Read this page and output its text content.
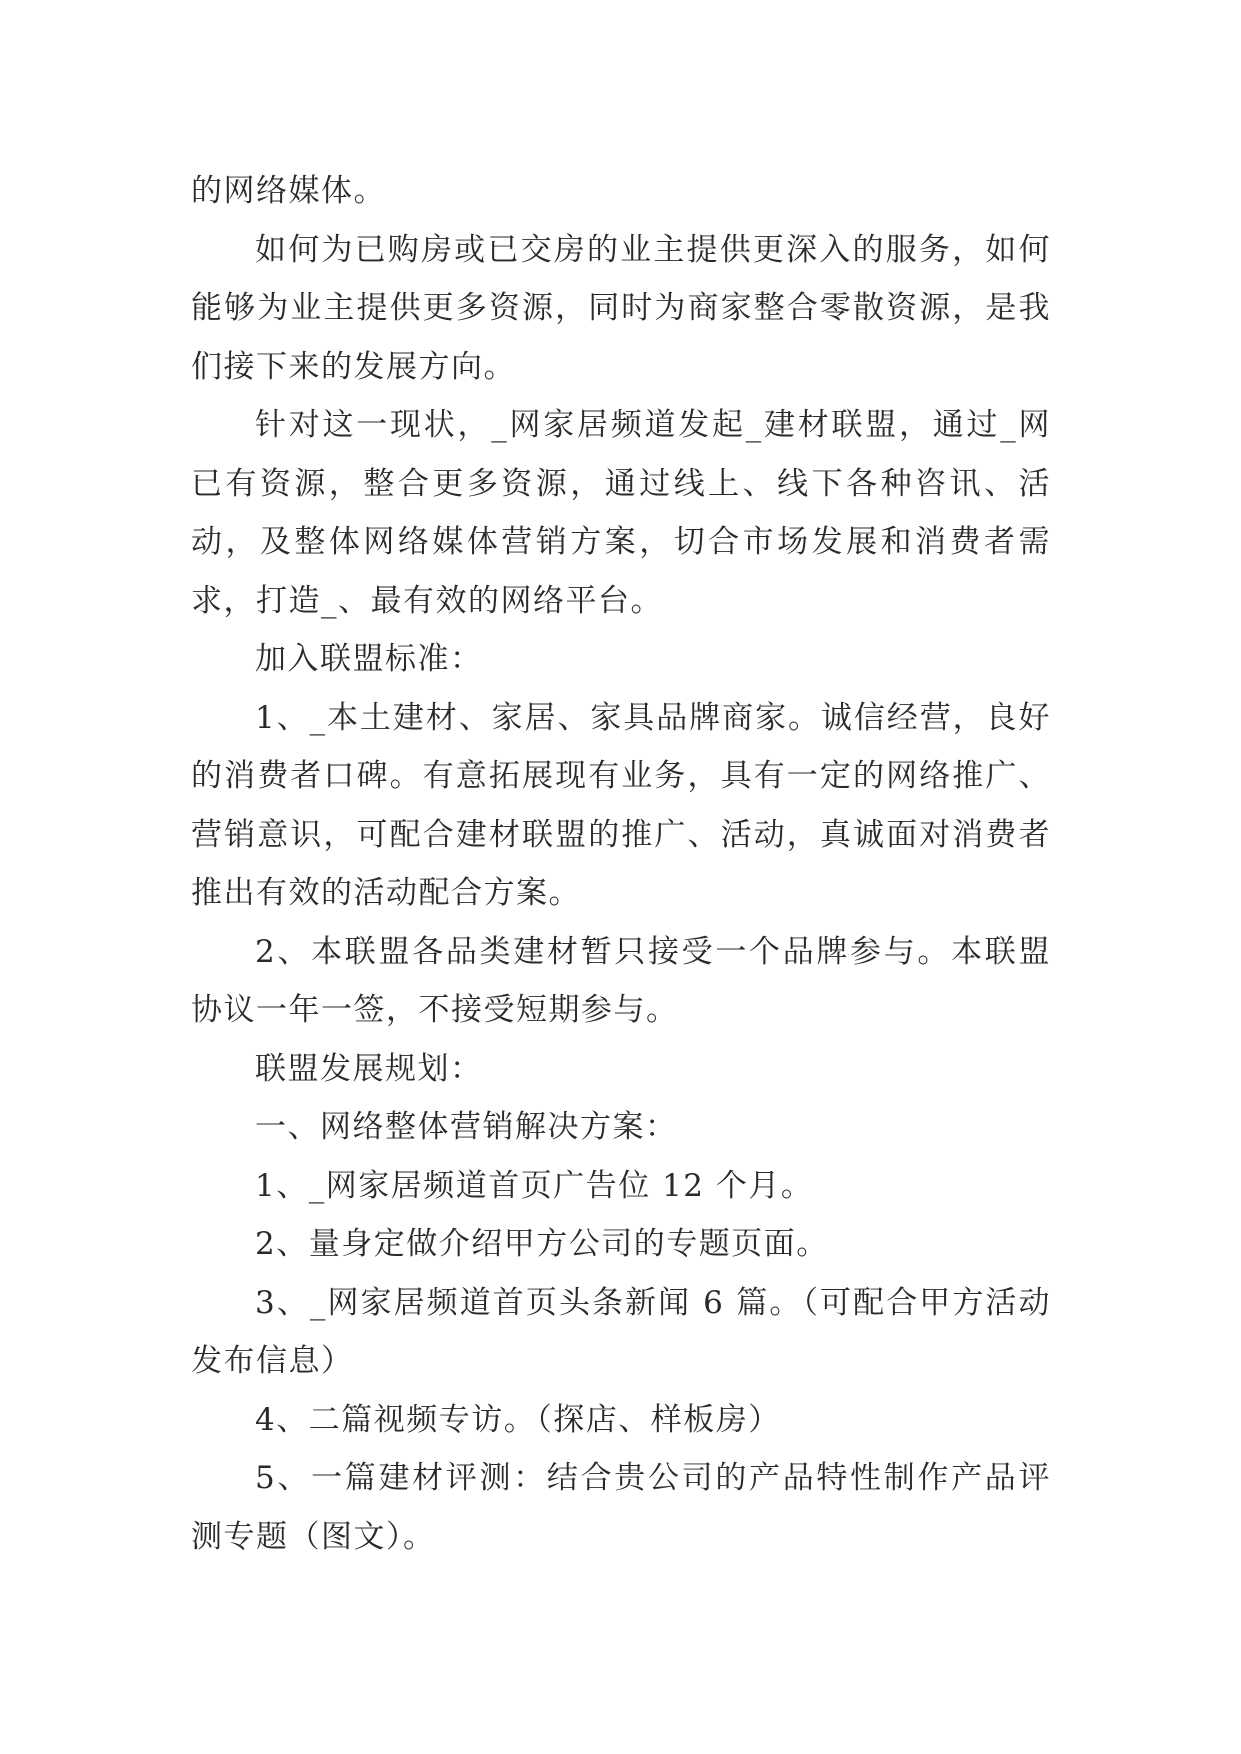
的网络媒体。

如何为已购房或已交房的业主提供更深入的服务，如何能够为业主提供更多资源，同时为商家整合零散资源，是我们接下来的发展方向。

针对这一现状，_网家居频道发起_建材联盟，通过_网已有资源，整合更多资源，通过线上、线下各种咨讯、活动，及整体网络媒体营销方案，切合市场发展和消费者需求，打造_、最有效的网络平台。

加入联盟标准：

1、_本土建材、家居、家具品牌商家。诚信经营，良好的消费者口碑。有意拓展现有业务，具有一定的网络推广、营销意识，可配合建材联盟的推广、活动，真诚面对消费者推出有效的活动配合方案。

2、本联盟各品类建材暂只接受一个品牌参与。本联盟协议一年一签，不接受短期参与。

联盟发展规划：

一、网络整体营销解决方案：

1、_网家居频道首页广告位 12 个月。

2、量身定做介绍甲方公司的专题页面。

3、_网家居频道首页头条新闻 6 篇。（可配合甲方活动发布信息）

4、二篇视频专访。（探店、样板房）

5、一篇建材评测：结合贵公司的产品特性制作产品评测专题（图文）。
